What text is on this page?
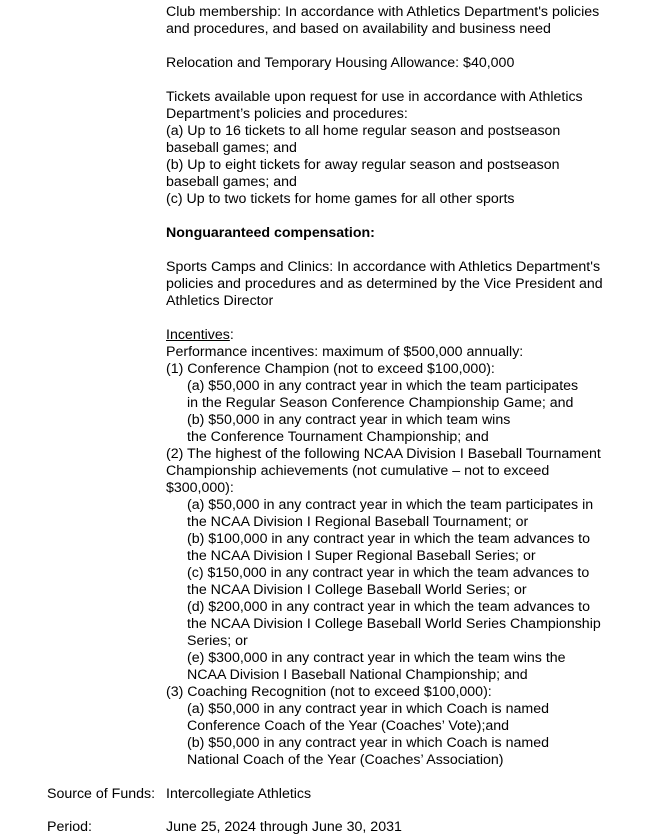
Club membership: In accordance with Athletics Department's policies
and procedures, and based on availability and business need
Relocation and Temporary Housing Allowance: $40,000
Tickets available upon request for use in accordance with Athletics
Department’s policies and procedures:
(a) Up to 16 tickets to all home regular season and postseason
baseball games; and
(b) Up to eight tickets for away regular season and postseason
baseball games; and
(c) Up to two tickets for home games for all other sports
Nonguaranteed compensation:
Sports Camps and Clinics: In accordance with Athletics Department's
policies and procedures and as determined by the Vice President and
Athletics Director
Incentives:
Performance incentives: maximum of $500,000 annually:
(1) Conference Champion (not to exceed $100,000):
(a) $50,000 in any contract year in which the team participates
in the Regular Season Conference Championship Game; and
(b) $50,000 in any contract year in which team wins
the Conference Tournament Championship; and
(2) The highest of the following NCAA Division I Baseball Tournament
Championship achievements (not cumulative – not to exceed
$300,000):
(a) $50,000 in any contract year in which the team participates in
the NCAA Division I Regional Baseball Tournament; or
(b) $100,000 in any contract year in which the team advances to
the NCAA Division I Super Regional Baseball Series; or
(c) $150,000 in any contract year in which the team advances to
the NCAA Division I College Baseball World Series; or
(d) $200,000 in any contract year in which the team advances to
the NCAA Division I College Baseball World Series Championship
Series; or
(e) $300,000 in any contract year in which the team wins the
NCAA Division I Baseball National Championship; and
(3) Coaching Recognition (not to exceed $100,000):
(a) $50,000 in any contract year in which Coach is named
Conference Coach of the Year (Coaches’ Vote);and
(b) $50,000 in any contract year in which Coach is named
National Coach of the Year (Coaches’ Association)
Source of Funds: Intercollegiate Athletics
Period:	June 25, 2024 through June 30, 2031
